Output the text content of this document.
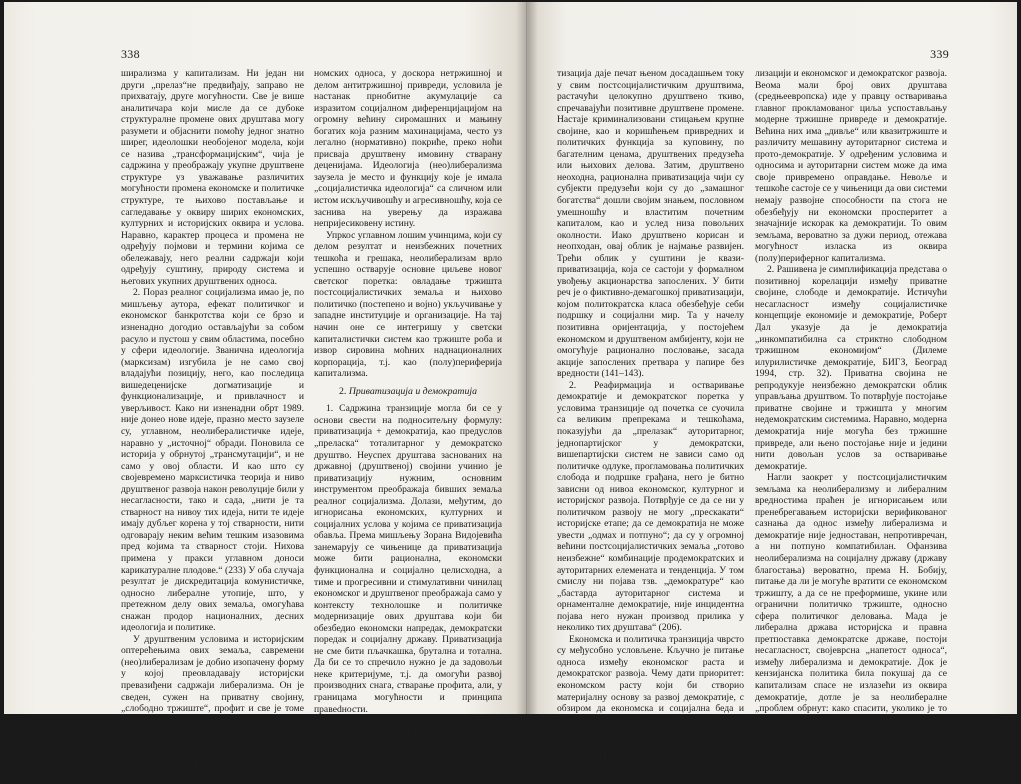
338

ширализма у капитализам. Ни један ни други „прелаз“не предвиђају, заправо не прихватају, друге могућности. Све је више аналитичара који мисле да се дубоке структуралне промене ових друштава могу разумети и објаснити помоћу једног знатно ширег, идеолошки необојеног модела, који се назива „трансформацијским“, чија је садржина у преображају укупне друштвене структуре уз уважавање различитих могућности промена економске и политичке структуре, те њихово постављање и сагледавање у оквиру ширих економских, културних и историјских оквира и услова. Наравно, карактер процеса и промена не одређују појмови и термини којима се обележавају, него реални садржаји који одређују суштину, природу система и његових укупних друштвених односа.

2. Пораз реалног социјализма имао је, по мишљењу аутора, ефекат политичког и економског банкротства који се брзо и изненадно догодио остављајући за собом расуло и пустош у свим областима, посебно у сфери идеологије. Званична идеологија (марксизам) изгубила је не само свој владајући позицију, него, као последица вишедеценијске догматизације и функционализације, и привлачност и уверљивост. Како ни изненадни обрт 1989. није донео нове идеје, празно место заузеле су, углавном, неолибералистичке идеје, наравно у „источној“ обради. Поновила се историја у обрнутој „трансмутацији“, и не само у овој области. И као што су својевремено марксистичка теорија и ниво друштвеног развоја након револуције били у несагласности, тако и сада, „нити је та стварност на нивоу тих идеја, нити те идеје имају дубљег корена у тој стварности, нити одговарају неким већим тешким изазовима пред којима та стварност стоји. Нихова примена у пракси углавном доноси карикатуралне плодове.“ (233) У оба случаја резултат је дискредитација комунистичке, односно либералне утопије, што, у претежном делу ових земаља, омогућава снажан продор националних, десних идеологија и политике.

У друштвеним условима и историјским оптерећењима ових земаља, савремени (нео)либерализам је добио изопачену форму у којој преовладавају историјски превазиђени садржаји либерализма. Он је сведен, сужен на приватну својину, „слободно тржиште“, профит и све је томе подређено, док су политичке слободе и права, принцип поделе и узајамне контроле власти, једнакост шанси и др. потиснути у сферу идеологије па и политичке демагогије. Глорификација улоге неограниченог тржишта као регулатора еко-

номских односа, у доскора нетржишној и делом антитржишној привреди, условила је настанак прнобитне акумулације са изразитом социјалном диференцијацијом на огромну већину сиромашних и мањину богатих која разним махинацијама, често уз легално (нормативно) покриће, преко ноћи присваја друштвену имовину стварану деценијама. Идеологија (нео)либерализма заузела је место и функцију које је имала „социјалистичка идеологија“ са сличном или истом искључивошћу и агресивношћу, која се заснива на уверењу да изражава непријесиковену истину.

Упркос углавном лошим учинцима, који су делом резултат и неизбежних почетних тешкоћа и грешака, неолиберализам врло успешно остварује основне циљеве новог светског поретка: овладање тржишта постсоцијалистичких земаља и њихово политичко (постепено и војно) укључивање у западне институције и организације. На тај начин оне се интегришу у светски капиталистички систем као тржиште роба и извор сировина моћних наднационалних корпорација, т.ј. као (полу)периферија капитализма.

2. Приватизација и демократија

1. Садржина транзиције могла би се у основи свести на подноситељну формулу: приватизација + демократија, као предуслов „преласка“ тоталитарног у демократско друштво. Неуспех друштава заснованих на државној (друштвеној) својини учинио је приватизацију нужним, основним инструментом преображаја бивших земаља реалног социјализма. Долази, међутим, до игнорисања економских, културних и социјалних услова у којима се приватизација обавља. Према мишљењу Зорана Видојевића занемарују се чињенице да приватизација може бити рационална, економски функционална и социјално целисходна, а тиме и прогресивни и стимулативни чинилац економског и друштвеног преображаја само у контексту технолошке и политичке модернизације ових друштава који би обезбедио економски напредак, демократски поредак и социјалну државу. Приватизација не сме бити пљачкашка, брутална и тотална. Да би се то спречило нужно је да задовољи неке критеријуме, т.ј. да омогући развој производних снага, стварање профита, али, у границама могућности и принципа правedности.

Аутор разликује три основна облика приватизације, иза којих стоје интереси одређених друштвених група. Пљачкашка прива-

339

тизација даје печат њеном досадашњем току у свим постсоцијалистичким друштвима, растачући целокупно друштвено ткиво, спречавајући позитивне друштвене промене. Настаје криминализовани стицањем крупне својине, као и коришћењем привредних и политичких функција за куповину, по багателним ценама, друштвених предузећа или њихових делова. Затим, друштвено неоходна, рационална приватизација чији су субјекти предузећи који су до „замашног богатства“ дошли својим знањем, пословном умешношћу и властитим почетним капиталом, као и услед низа повољних околности. Иако друштвено корисан и неопходан, овај облик је најмање развијен. Трећи облик у суштини је квази-приватизација, која се састоји у формалном увођењу акционарства запослених. У бити реч је о фиктивно-демагошкој приватизацији, којом политократска класа обезбеђује себи подршку и социјални мир. Та у начелу позитивна оријентација, у постојећем економском и друштвеном амбијенту, који не омогућује рационално пословање, засада акције запослених претвара у папире без вредности (141–143).

2. Реафирмација и остваривање демократије и демократског поретка у условима транзиције од почетка се суочила са великим препрекама и тешкоћама, показујући да „прелазак“ ауторитарног, једнопартијског у демократски, вишепартијски систем не зависи само од политичке одлуке, прогламовања политичких слобода и подршке грађана, него је битно зависни од нивоа економског, културног и историјског развоја. Потврђује се да се ни у политичком развоју не могу „прескакати“ историјске етапе; да се демократија не може увести „одмах и потпуно“; да су у огромној већини постсоцијалистичких земаља „готово неизбежне“ комбинације продемократских и ауторитарних елемената и тенденција. У том смислу ни појава тзв. „демократуре“ као „бастарда ауторитарног система и орнаменталне демократије, није инцидентна појава него нужан производ прилика у неколико тих друштава“ (206).

Економска и политичка транзиција чврсто су међусобно условљене. Кључно је питање односа између економског раста и демократског развоја. Чему дати приоритет: економском расту који би створио материјалну основу за развој демократије, с обзиром да економска и социјална беда и демократија не иду заједно. Или обрнуто, уз помоћ развијене демократије стварати материјални напредак; или тежити постепеној реа-

лизацији и економског и демократског развоја. Веома мали број ових друштава (средњеевропска) иде у правцу остваривања главног прокламованог циља успостављању модерне тржишне привреде и демократије. Већина них има „дивље“ или квазитржиште и различиту мешавину ауторитарног система и прото-демократије. У одређеним условима и односима и ауторитарни систем може да има своје привремено оправдање. Невоље и тешкоће састоје се у чињеници да ови системи немају развојне способности па стога не обезбеђују ни економски просперитет а значајније искорак ка демократији. То овим земљама, вероватно за дужи период, отежава могућност изласка из оквира (полу)периферног капитализма.

2. Рашивена је симплификација представа о позитивној корелацији између приватне својине, слободе и демократије. Истичући несагласност између социјалистичке концепције економије и демократије, Роберт Дал указује да је демократија „инкомпатибилна са стриктно слободном тржишном економијом“ (Дилеме илурилистичке демократије, БИГЗ, Београд 1994, стр. 32). Приватна својина не репродукује неизбежно демократски облик управљања друштвом. То потврђује постојање приватне својине и тржишта у многим недемократским системима. Наравно, модерна демократија није могућа без тржишне привреде, али њено постојање није и једини нити довољан услов за остваривање демократије.

Нагли заокрет у постсоцијалистичким земљама ка неолиберализму и либералним вредностима праћен је игнорисањем или пренебрегавањем историјски верификованог сазнања да однос између либерализма и демократије није једноставан, непротивречан, а ни потпуно компатибилан. Офанзива неолиберализма на социјалну државу (државу благостања) вероватно, према Н. Бобију, питање да ли је могуће вратити се економском тржишту, а да се не преформише, укине или огранични политичко тржиште, односно сфера политичког деловања. Мада је либерална држава историјска и правна претпоставка демократске државе, постоји несагласност, својеврсна „напетост односа“, између либерализма и демократије. Док је кензијанска политика била покушај да се капитализам спасе не излазећи из оквира демократије, дотле је за неолибералне „проблем обрнут: како спасити, уколико је то још могуће и у оној мери уколико је то могуће, демократију а да се не изађе из капитализма“ (Норберт Бобио, Будућност демократије. Одабрана правила игре, Филип Вишњић, Београд 1990,
